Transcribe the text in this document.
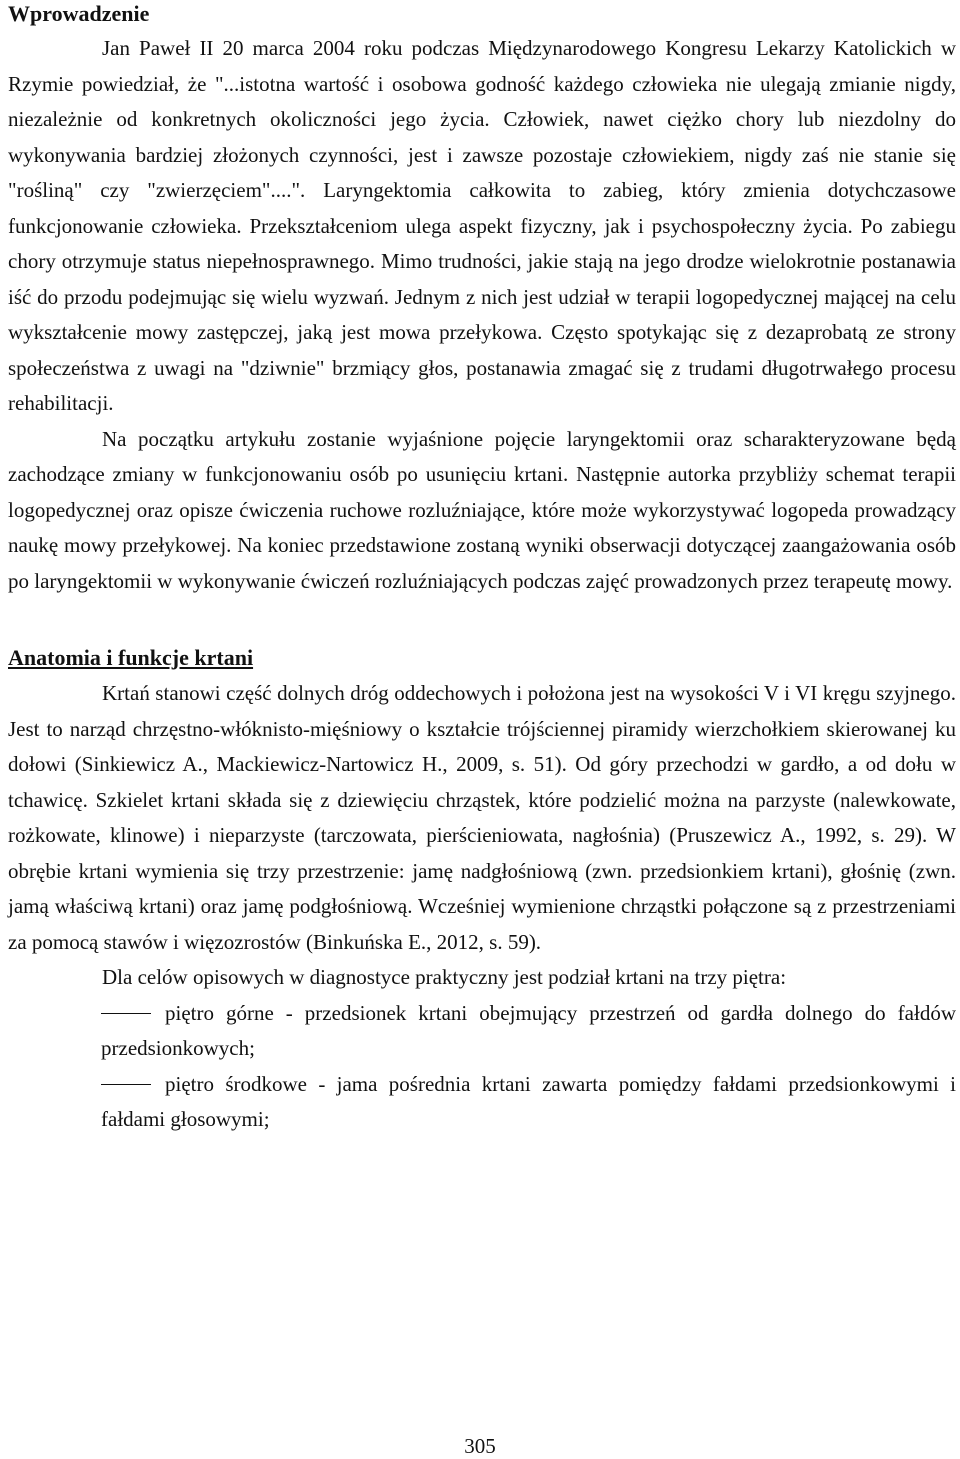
Wprowadzenie

Jan Paweł II 20 marca 2004 roku podczas Międzynarodowego Kongresu Lekarzy Katolickich w Rzymie powiedział, że "...istotna wartość i osobowa godność każdego człowieka nie ulegają zmianie nigdy, niezależnie od konkretnych okoliczności jego życia. Człowiek, nawet ciężko chory lub niezdolny do wykonywania bardziej złożonych czynności, jest i zawsze pozostaje człowiekiem, nigdy zaś nie stanie się "rośliną" czy "zwierzęciem"....". Laryngektomia całkowita to zabieg, który zmienia dotychczasowe funkcjonowanie człowieka. Przekształceniom ulega aspekt fizyczny, jak i psychospołeczny życia. Po zabiegu chory otrzymuje status niepełnosprawnego. Mimo trudności, jakie stają na jego drodze wielokrotnie postanawia iść do przodu podejmując się wielu wyzwań. Jednym z nich jest udział w terapii logopedycznej mającej na celu wykształcenie mowy zastępczej, jaką jest mowa przełykowa. Często spotykając się z dezaprobatą ze strony społeczeństwa z uwagi na "dziwnie" brzmiący głos, postanawia zmagać się z trudami długotrwałego procesu rehabilitacji.

Na początku artykułu zostanie wyjaśnione pojęcie laryngektomii oraz scharakteryzowane będą zachodzące zmiany w funkcjonowaniu osób po usunięciu krtani. Następnie autorka przybliży schemat terapii logopedycznej oraz opisze ćwiczenia ruchowe rozluźniające, które może wykorzystywać logopeda prowadzący naukę mowy przełykowej. Na koniec przedstawione zostaną wyniki obserwacji dotyczącej zaangażowania osób po laryngektomii w wykonywanie ćwiczeń rozluźniających podczas zajęć prowadzonych przez terapeutę mowy.

Anatomia i funkcje krtani

Krtań stanowi część dolnych dróg oddechowych i położona jest na wysokości V i VI kręgu szyjnego. Jest to narząd chrzęstno-włóknisto-mięśniowy o kształcie trójściennej piramidy wierzchołkiem skierowanej ku dołowi (Sinkiewicz A., Mackiewicz-Nartowicz H., 2009, s. 51). Od góry przechodzi w gardło, a od dołu w tchawicę. Szkielet krtani składa się z dziewięciu chrząstek, które podzielić można na parzyste (nalewkowate, rożkowate, klinowe) i nieparzyste (tarczowata, pierścieniowata, nagłośnia) (Pruszewicz A., 1992, s. 29). W obrębie krtani wymienia się trzy przestrzenie: jamę nadgłośniową (zwn. przedsionkiem krtani), głośnię (zwn. jamą właściwą krtani) oraz jamę podgłośniową. Wcześniej wymienione chrząstki połączone są z przestrzeniami za pomocą stawów i więzozrostów (Binkuńska E., 2012, s. 59).

Dla celów opisowych w diagnostyce praktyczny jest podział krtani na trzy piętra:

piętro górne - przedsionek krtani obejmujący przestrzeń od gardła dolnego do fałdów przedsionkowych;
piętro środkowe - jama pośrednia krtani zawarta pomiędzy fałdami przedsionkowymi i fałdami głosowymi;
305
